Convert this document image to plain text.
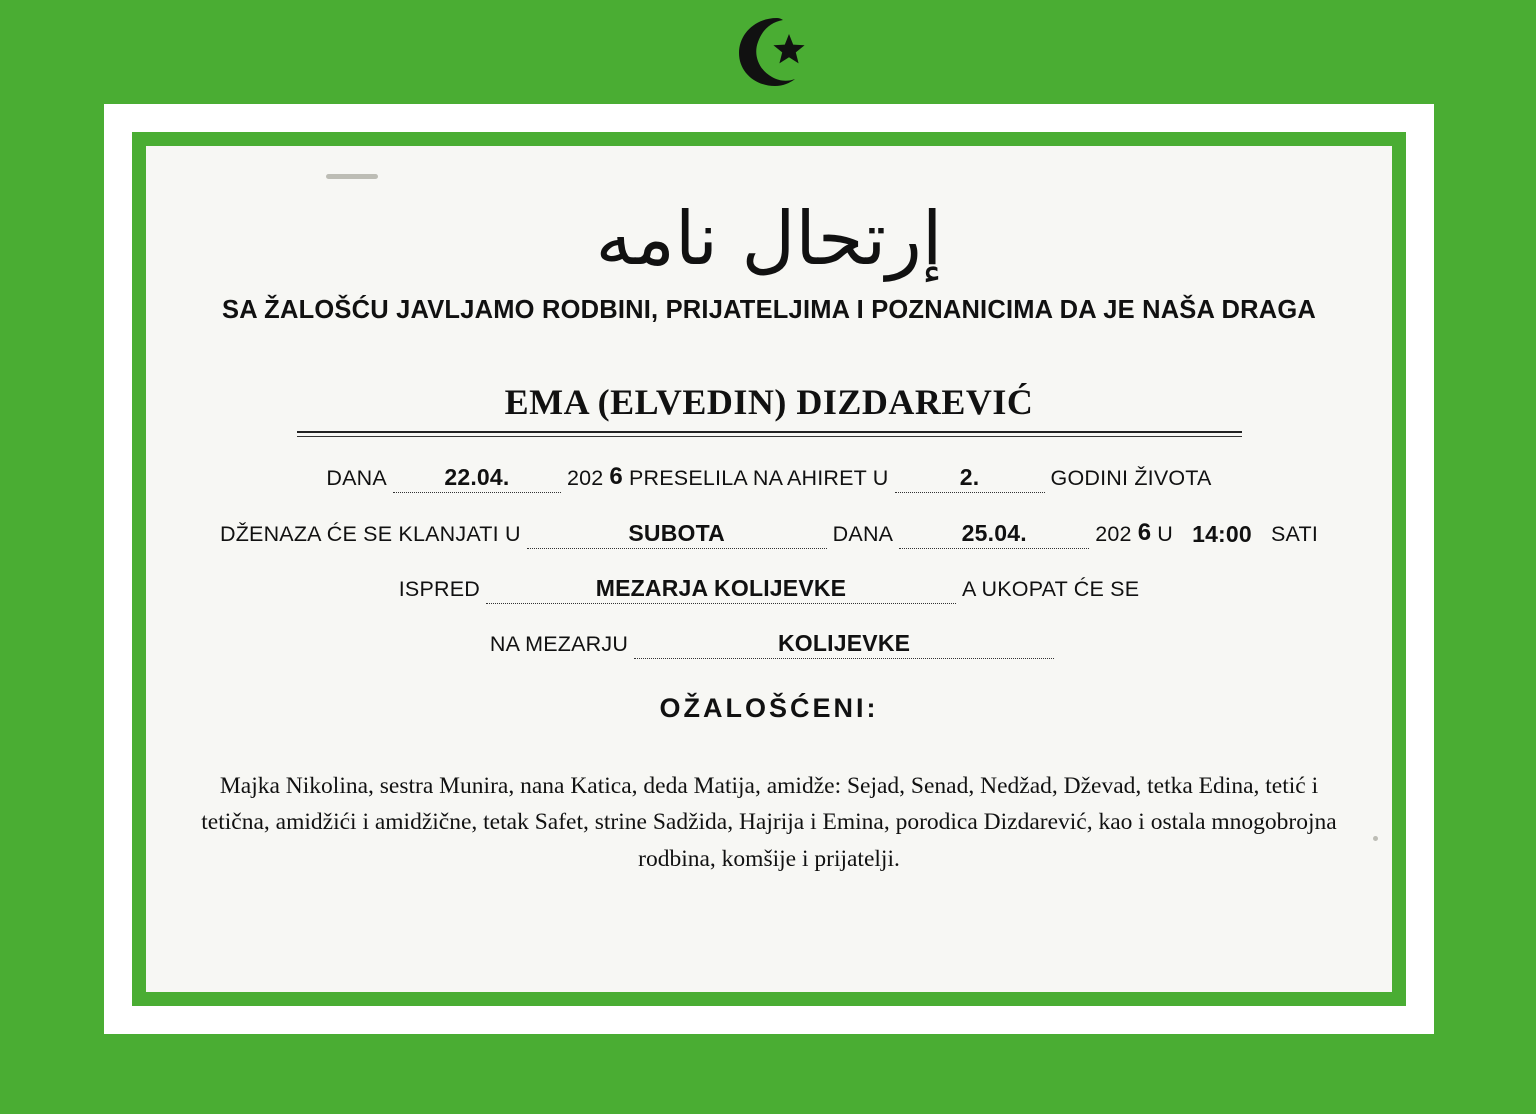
إرتحال نامه
SA ŽALOŠĆU JAVLJAMO RODBINI, PRIJATELJIMA I POZNANICIMA DA JE NAŠA DRAGA
EMA (ELVEDIN) DIZDAREVIĆ
DANA	22.04.	202 6 PRESELILA NA AHIRET U	2.	GODINI ŽIVOTA
DŽENAZA ĆE SE KLANJATI U	SUBOTA	DANA	25.04.	202 6 U 14:00 SATI
ISPRED	MEZARJA KOLIJEVKE	A UKOPAT ĆE SE
NA MEZARJU	KOLIJEVKE
OŽALOŠĆENI:
Majka Nikolina, sestra Munira, nana Katica, deda Matija, amidže: Sejad, Senad, Nedžad, Dževad, tetka Edina, tetić i tetična, amidžići i amidžične, tetak Safet, strine Sadžida, Hajrija i Emina, porodica Dizdarević, kao i ostala mnogobrojna rodbina, komšije i prijatelji.
